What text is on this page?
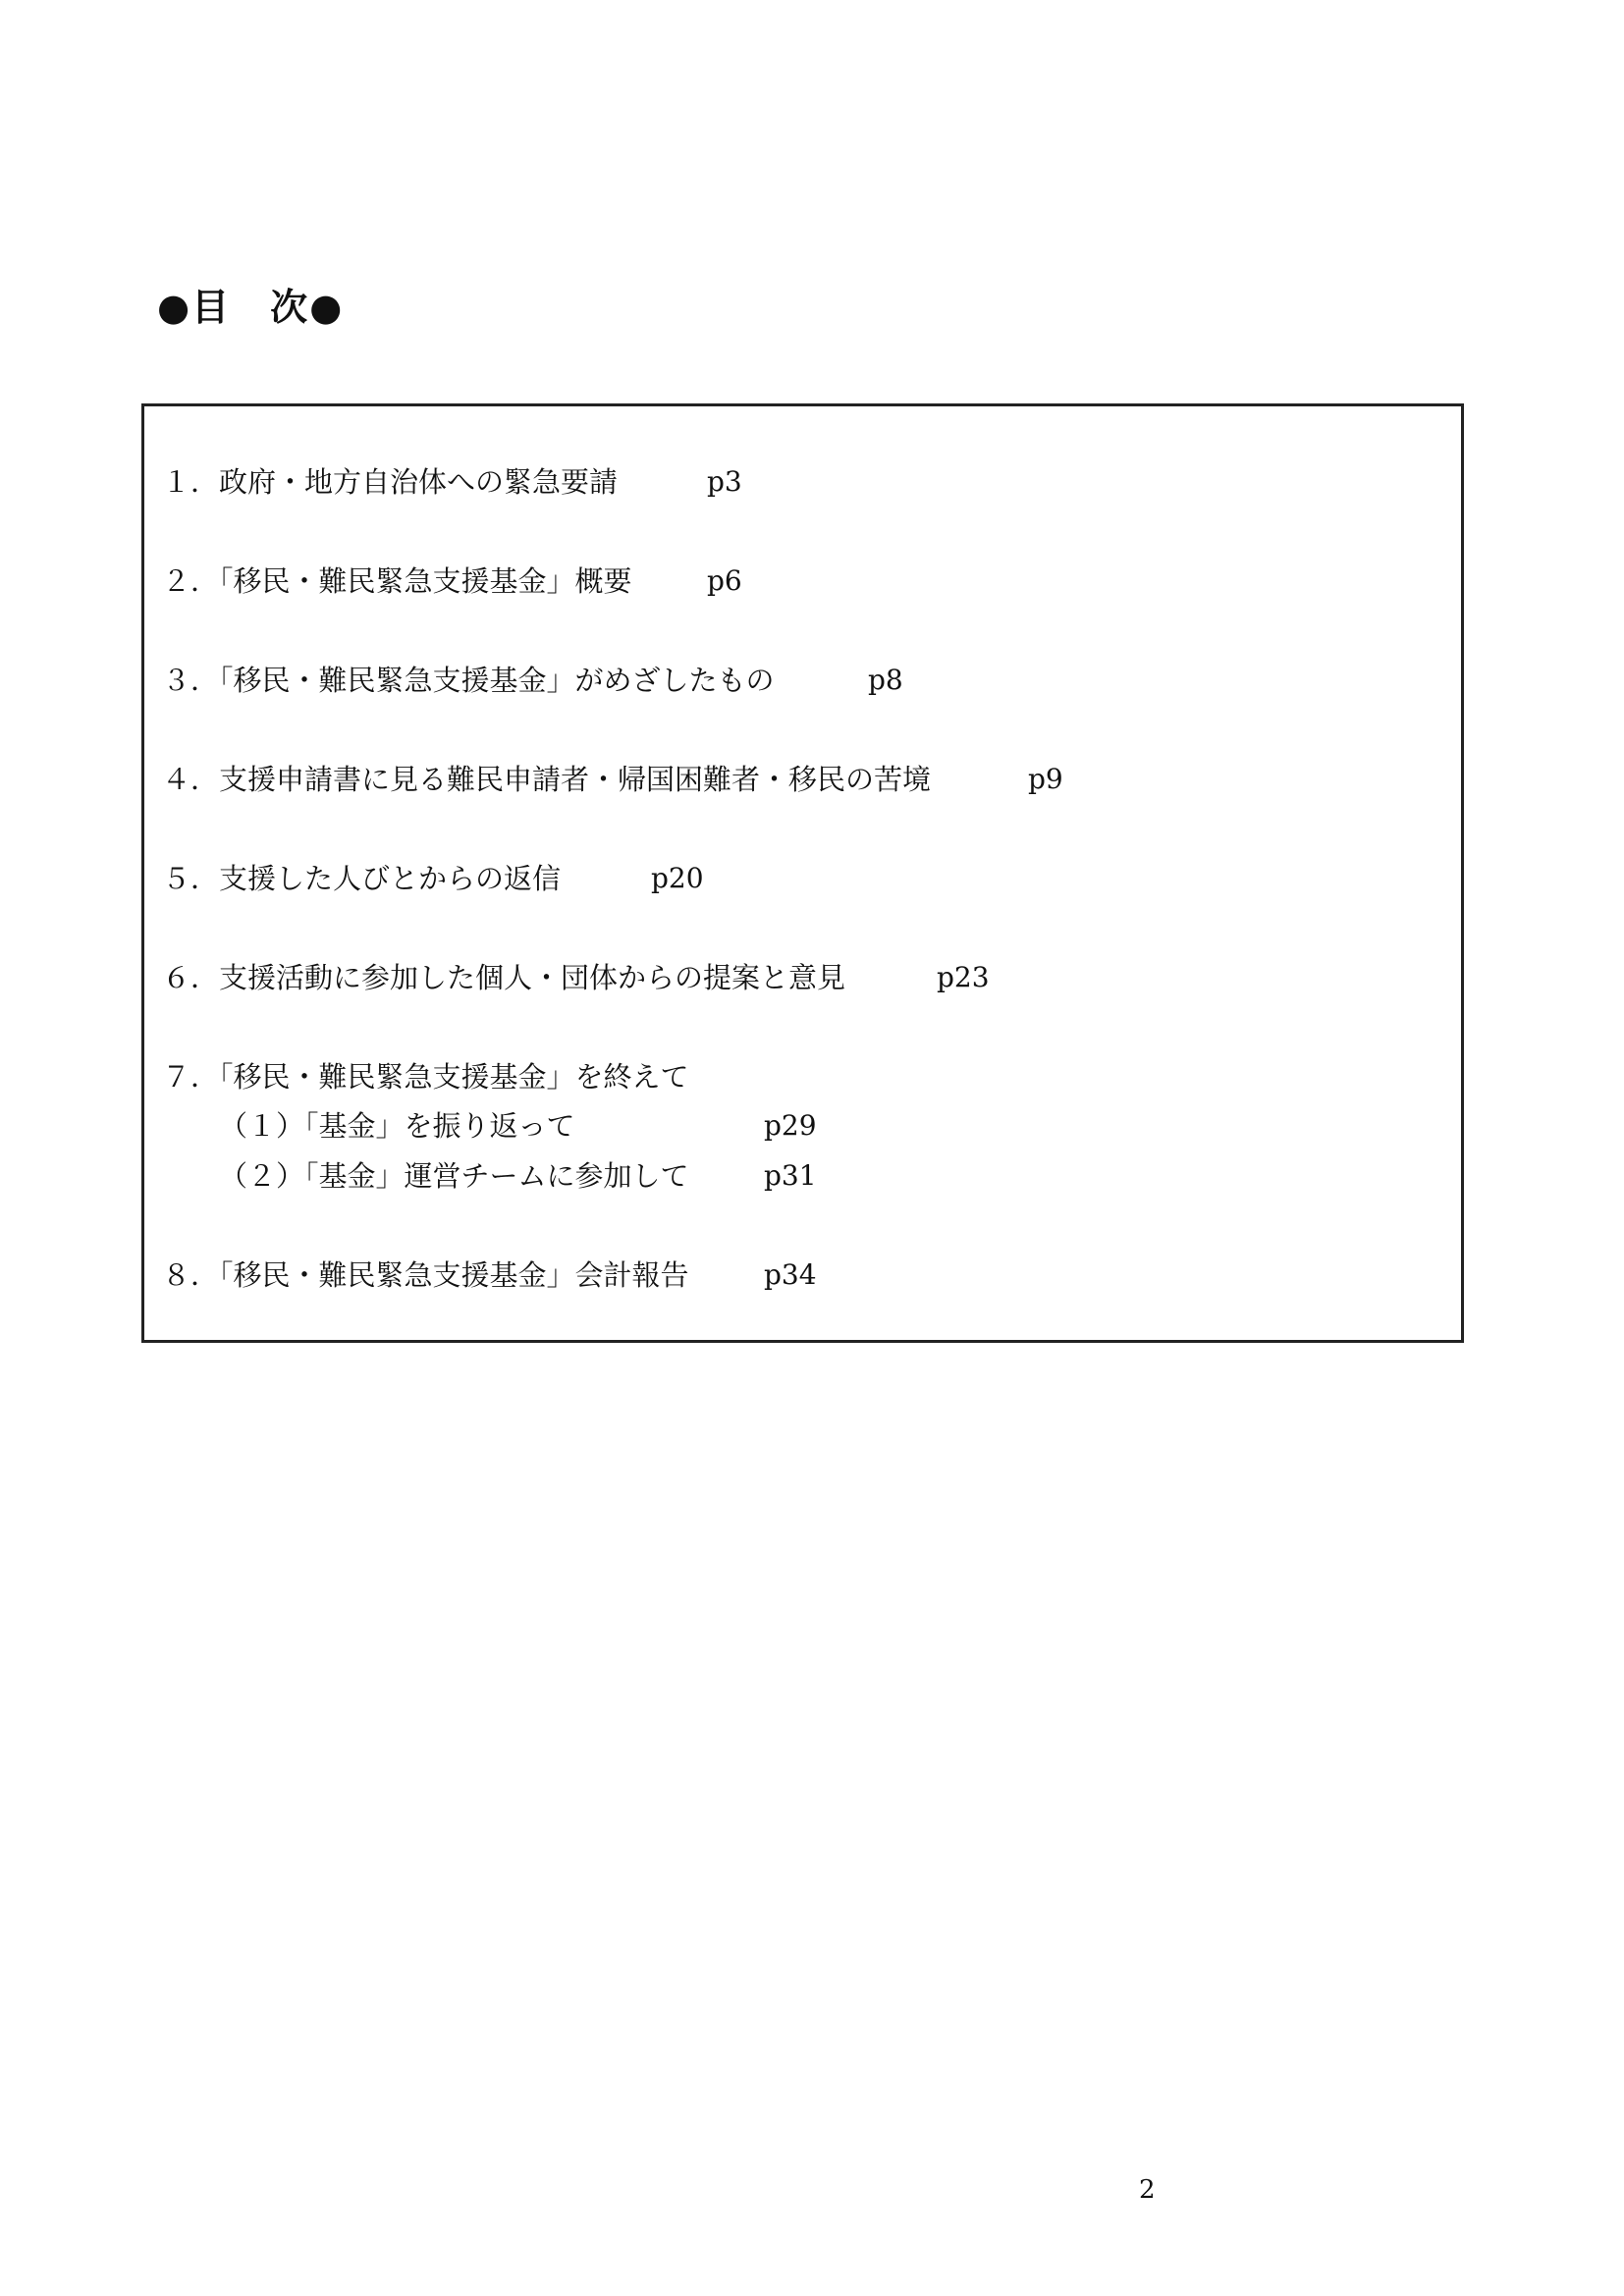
●目　次●
１．政府・地方自治体への緊急要請	p3
２．「移民・難民緊急支援基金」概要	p6
３．「移民・難民緊急支援基金」がめざしたもの	p8
４．支援申請書に見る難民申請者・帰国困難者・移民の苦境	p9
５．支援した人びとからの返信	p20
６．支援活動に参加した個人・団体からの提案と意見	p23
７．「移民・難民緊急支援基金」を終えて
（１）「基金」を振り返って	p29
（２）「基金」運営チームに参加して	p31
８．「移民・難民緊急支援基金」会計報告	p34
2
